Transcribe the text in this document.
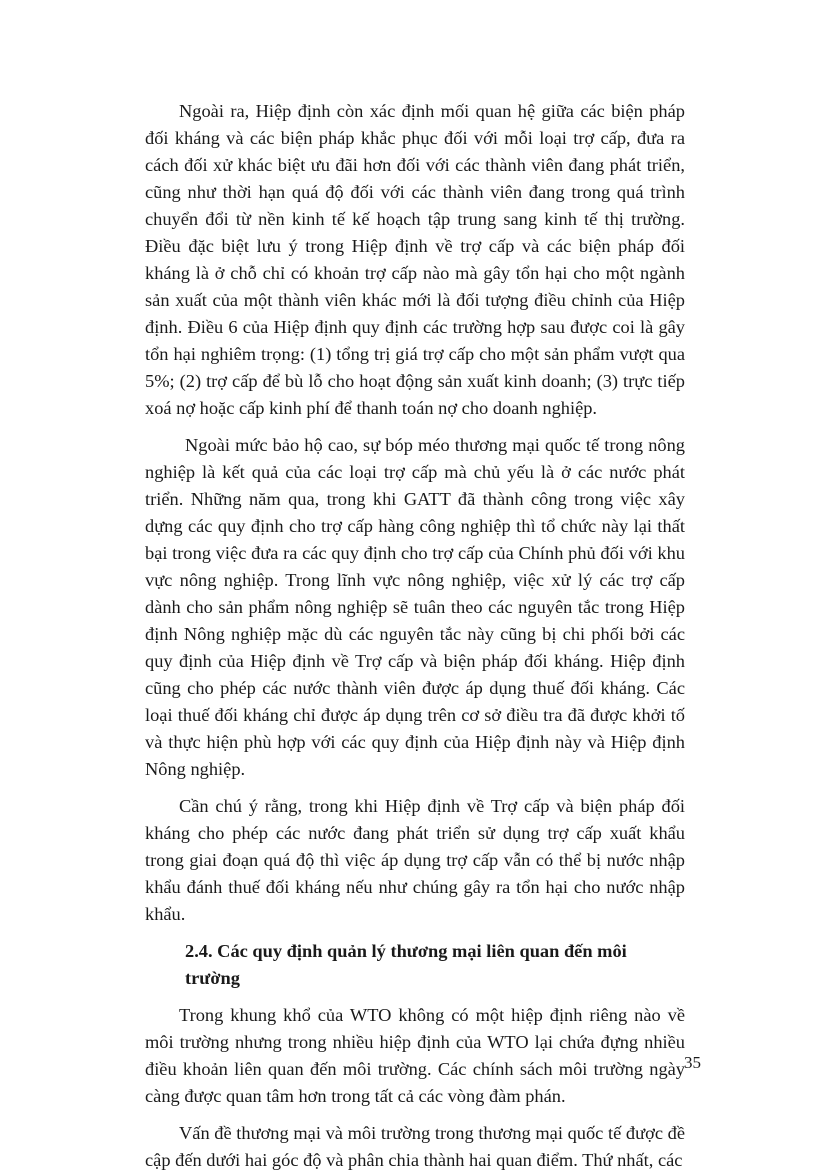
Ngoài ra, Hiệp định còn xác định mối quan hệ giữa các biện pháp đối kháng và các biện pháp khắc phục đối với mỗi loại trợ cấp, đưa ra cách đối xử khác biệt ưu đãi hơn đối với các thành viên đang phát triển, cũng như thời hạn quá độ đối với các thành viên đang trong quá trình chuyển đổi từ nền kinh tế kế hoạch tập trung sang kinh tế thị trường. Điều đặc biệt lưu ý trong Hiệp định về trợ cấp và các biện pháp đối kháng là ở chỗ chỉ có khoản trợ cấp nào mà gây tổn hại cho một ngành sản xuất của một thành viên khác mới là đối tượng điều chỉnh của Hiệp định. Điều 6 của Hiệp định quy định các trường hợp sau được coi là gây tổn hại nghiêm trọng: (1) tổng trị giá trợ cấp cho một sản phẩm vượt qua 5%; (2) trợ cấp để bù lỗ cho hoạt động sản xuất kinh doanh; (3) trực tiếp xoá nợ hoặc cấp kinh phí để thanh toán nợ cho doanh nghiệp.

Ngoài mức bảo hộ cao, sự bóp méo thương mại quốc tế trong nông nghiệp là kết quả của các loại trợ cấp mà chủ yếu là ở các nước phát triển. Những năm qua, trong khi GATT đã thành công trong việc xây dựng các quy định cho trợ cấp hàng công nghiệp thì tổ chức này lại thất bại trong việc đưa ra các quy định cho trợ cấp của Chính phủ đối với khu vực nông nghiệp. Trong lĩnh vực nông nghiệp, việc xử lý các trợ cấp dành cho sản phẩm nông nghiệp sẽ tuân theo các nguyên tắc trong Hiệp định Nông nghiệp mặc dù các nguyên tắc này cũng bị chi phối bởi các quy định của Hiệp định về Trợ cấp và biện pháp đối kháng. Hiệp định cũng cho phép các nước thành viên được áp dụng thuế đối kháng. Các loại thuế đối kháng chỉ được áp dụng trên cơ sở điều tra đã được khởi tố và thực hiện phù hợp với các quy định của Hiệp định này và Hiệp định Nông nghiệp.

Cần chú ý rằng, trong khi Hiệp định về Trợ cấp và biện pháp đối kháng cho phép các nước đang phát triển sử dụng trợ cấp xuất khẩu trong giai đoạn quá độ thì việc áp dụng trợ cấp vẫn có thể bị nước nhập khẩu đánh thuế đối kháng nếu như chúng gây ra tổn hại cho nước nhập khẩu.

2.4. Các quy định quản lý thương mại liên quan đến môi trường

Trong khung khổ của WTO không có một hiệp định riêng nào về môi trường nhưng trong nhiều hiệp định của WTO lại chứa đựng nhiều điều khoản liên quan đến môi trường. Các chính sách môi trường ngày càng được quan tâm hơn trong tất cả các vòng đàm phán.

Vấn đề thương mại và môi trường trong thương mại quốc tế được đề cập đến dưới hai góc độ và phân chia thành hai quan điểm. Thứ nhất, các

35
